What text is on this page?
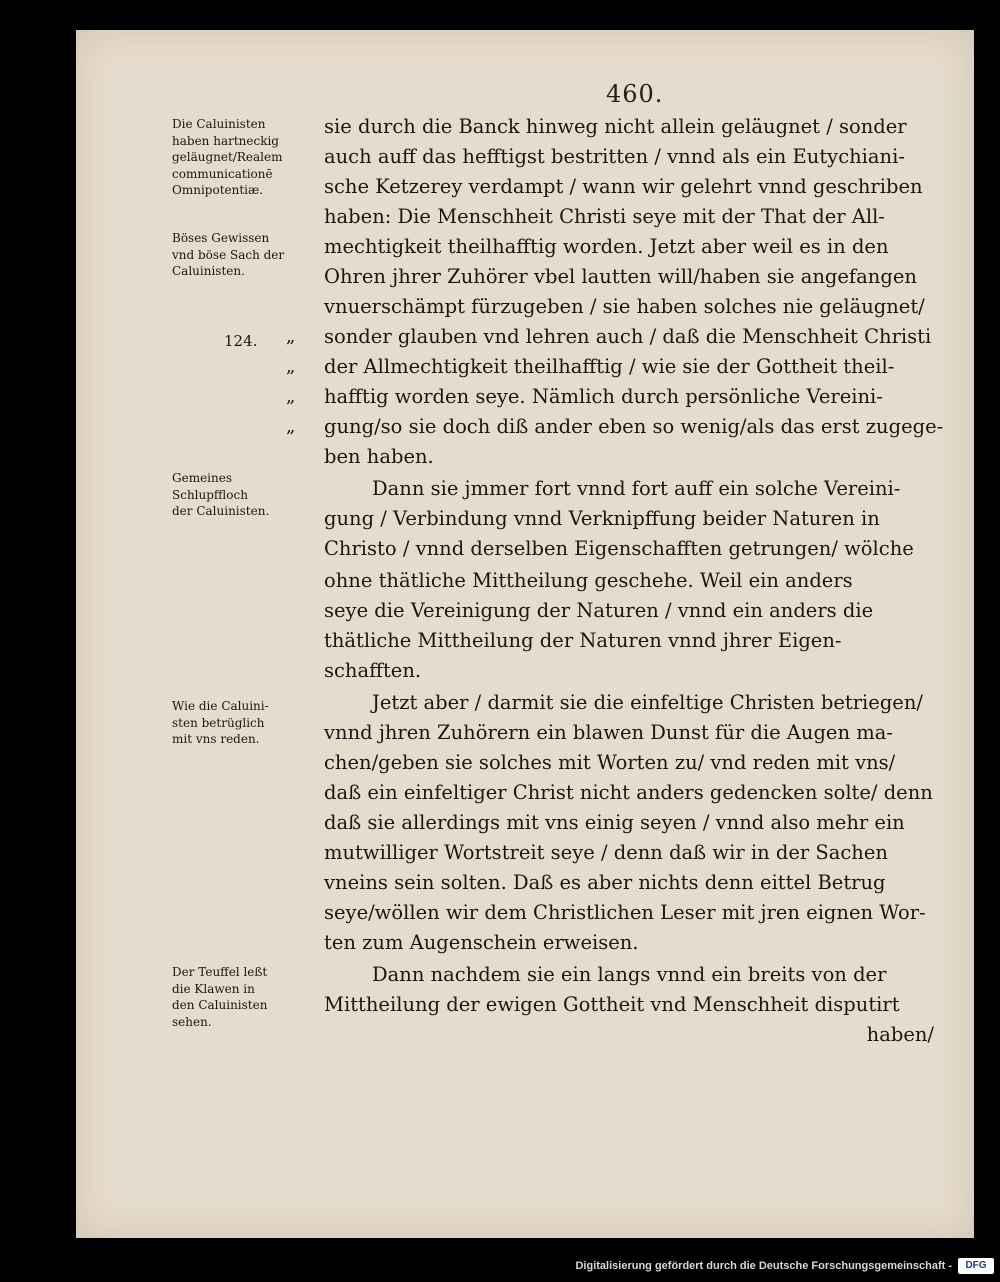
460.
sie durch die Banck hinweg nicht allein geläugnet / sonder
auch auff das hefftigst bestritten / vnnd als ein Eutychiani-
sche Ketzerey verdampt / wann wir gelehrt vnnd geschriben
haben: Die Menschheit Christi seye mit der That der All-
mechtigkeit theilhafftig worden. Jetzt aber weil es in den
Ohren jhrer Zuhörer vbel lautten will/haben sie angefangen
vnuerschämpt fürzugeben / sie haben solches nie geläugnet/
sonder glauben vnd lehren auch / daß die Menschheit Christi
der Allmechtigkeit theilhafftig / wie sie der Gottheit theil-
hafftig worden seye. Nämlich durch persönliche Vereini-
gung/so sie doch diß ander eben so wenig/als das erst zugege-
ben haben.
Dann sie jmmer fort vnnd fort auff ein solche Vereini-
gung / Verbindung vnnd Verknipffung beider Naturen in
Christo / vnnd derselben Eigenschafften getrungen/ wölche
ohne thätliche Mittheilung geschehe. Weil ein anders
seye die Vereinigung der Naturen / vnnd ein anders die
thätliche Mittheilung der Naturen vnnd jhrer Eigen-
schafften.
Jetzt aber / darmit sie die einfeltige Christen betriegen/
vnnd jhren Zuhörern ein blawen Dunst für die Augen ma-
chen/geben sie solches mit Worten zu/ vnd reden mit vns/
daß ein einfeltiger Christ nicht anders gedencken solte/ denn
daß sie allerdings mit vns einig seyen / vnnd also mehr ein
mutwilliger Wortstreit seye / denn daß wir in der Sachen
vneins sein solten. Daß es aber nichts denn eittel Betrug
seye/wöllen wir dem Christlichen Leser mit jren eignen Wor-
ten zum Augenschein erweisen.
Dann nachdem sie ein langs vnnd ein breits von der
Mittheilung der ewigen Gottheit vnd Menschheit disputirt
haben/
Die Caluinisten
haben hartneckig
geläugnet/Realem
communicationē
Omnipotentiæ.
Böses Gewissen
vnd böse Sach der
Caluinisten.
Gemeines
Schlupffloch
der Caluinisten.
Wie die Caluini-
sten betrüglich
mit vns reden.
Der Teuffel leßt
die Klawen in
den Caluinisten
sehen.
124. „
„
„
„
Digitalisierung gefördert durch die Deutsche Forschungsgemeinschaft -	DFG
